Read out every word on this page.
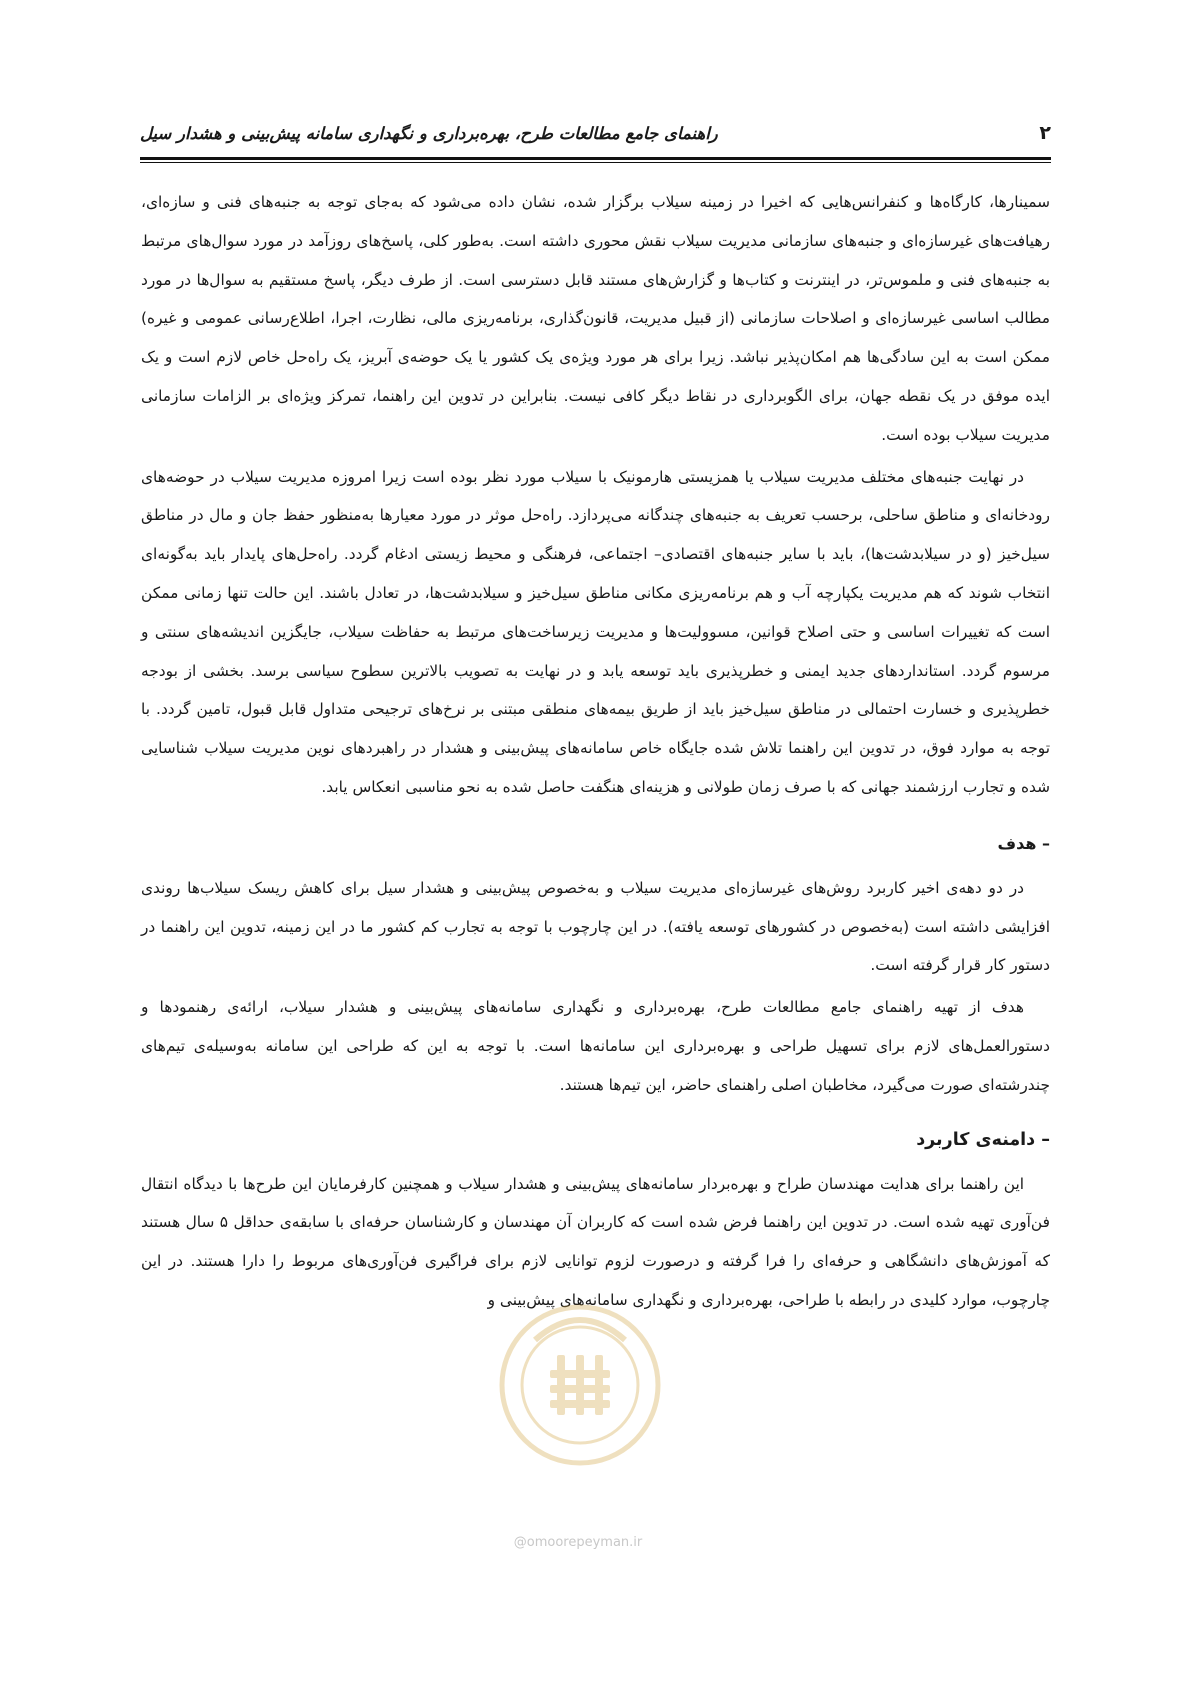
۲
راهنمای جامع مطالعات طرح، بهره‌برداری و نگهداری سامانه پیش‌بینی و هشدار سیل

سمینارها، کارگاه‌ها و کنفرانس‌هایی که اخیرا در زمینه سیلاب برگزار شده، نشان داده می‌شود که به‌جای توجه به جنبه‌های فنی و سازه‌ای، رهیافت‌های غیرسازه‌ای و جنبه‌های سازمانی مدیریت سیلاب نقش محوری داشته است. به‌طور کلی، پاسخ‌های روزآمد در مورد سوال‌های مرتبط به جنبه‌های فنی و ملموس‌تر، در اینترنت و کتاب‌ها و گزارش‌های مستند قابل دسترسی است. از طرف دیگر، پاسخ مستقیم به سوال‌ها در مورد مطالب اساسی غیرسازه‌ای و اصلاحات سازمانی (از قبیل مدیریت، قانون‌گذاری، برنامه‌ریزی مالی، نظارت، اجرا، اطلاع‌رسانی عمومی و غیره) ممکن است به این سادگی‌ها هم امکان‌پذیر نباشد. زیرا برای هر مورد ویژه‌ی یک کشور یا یک حوضه‌ی آبریز، یک راه‌حل خاص لازم است و یک ایده موفق در یک نقطه جهان، برای الگوبرداری در نقاط دیگر کافی نیست. بنابراین در تدوین این راهنما، تمرکز ویژه‌ای بر الزامات سازمانی مدیریت سیلاب بوده است.

در نهایت جنبه‌های مختلف مدیریت سیلاب یا همزیستی هارمونیک با سیلاب مورد نظر بوده است زیرا امروزه مدیریت سیلاب در حوضه‌های رودخانه‌ای و مناطق ساحلی، برحسب تعریف به جنبه‌های چندگانه می‌پردازد. راه‌حل موثر در مورد معیارها به‌منظور حفظ جان و مال در مناطق سیل‌خیز (و در سیلابدشت‌ها)، باید با سایر جنبه‌های اقتصادی– اجتماعی، فرهنگی و محیط زیستی ادغام گردد. راه‌حل‌های پایدار باید به‌گونه‌ای انتخاب شوند که هم مدیریت یکپارچه آب و هم برنامه‌ریزی مکانی مناطق سیل‌خیز و سیلابدشت‌ها، در تعادل باشند. این حالت تنها زمانی ممکن است که تغییرات اساسی و حتی اصلاح قوانین، مسوولیت‌ها و مدیریت زیرساخت‌های مرتبط به حفاظت سیلاب، جایگزین اندیشه‌های سنتی و مرسوم گردد. استانداردهای جدید ایمنی و خطرپذیری باید توسعه یابد و در نهایت به تصویب بالاترین سطوح سیاسی برسد. بخشی از بودجه خطرپذیری و خسارت احتمالی در مناطق سیل‌خیز باید از طریق بیمه‌های منطقی مبتنی بر نرخ‌های ترجیحی متداول قابل قبول، تامین گردد. با توجه به موارد فوق، در تدوین این راهنما تلاش شده جایگاه خاص سامانه‌های پیش‌بینی و هشدار در راهبردهای نوین مدیریت سیلاب شناسایی شده و تجارب ارزشمند جهانی که با صرف زمان طولانی و هزینه‌ای هنگفت حاصل شده به نحو مناسبی انعکاس یابد.

– هدف

در دو دهه‌ی اخیر کاربرد روش‌های غیرسازه‌ای مدیریت سیلاب و به‌خصوص پیش‌بینی و هشدار سیل برای کاهش ریسک سیلاب‌ها روندی افزایشی داشته است (به‌خصوص در کشورهای توسعه یافته). در این چارچوب با توجه به تجارب کم کشور ما در این زمینه، تدوین این راهنما در دستور کار قرار گرفته است.

هدف از تهیه راهنمای جامع مطالعات طرح، بهره‌برداری و نگهداری سامانه‌های پیش‌بینی و هشدار سیلاب، ارائه‌ی رهنمودها و دستورالعمل‌های لازم برای تسهیل طراحی و بهره‌برداری این سامانه‌ها است. با توجه به این که طراحی این سامانه به‌وسیله‌ی تیم‌های چندرشته‌ای صورت می‌گیرد، مخاطبان اصلی راهنمای حاضر، این تیم‌ها هستند.

– دامنه‌ی کاربرد

این راهنما برای هدایت مهندسان طراح و بهره‌بردار سامانه‌های پیش‌بینی و هشدار سیلاب و همچنین کارفرمایان این طرح‌ها با دیدگاه انتقال فن‌آوری تهیه شده است. در تدوین این راهنما فرض شده است که کاربران آن مهندسان و کارشناسان حرفه‌ای با سابقه‌ی حداقل ۵ سال هستند که آموزش‌های دانشگاهی و حرفه‌ای را فرا گرفته و درصورت لزوم توانایی لازم برای فراگیری فن‌آوری‌های مربوط را دارا هستند. در این چارچوب، موارد کلیدی در رابطه با طراحی، بهره‌برداری و نگهداری سامانه‌های پیش‌بینی و

@omoorepeyman.ir
